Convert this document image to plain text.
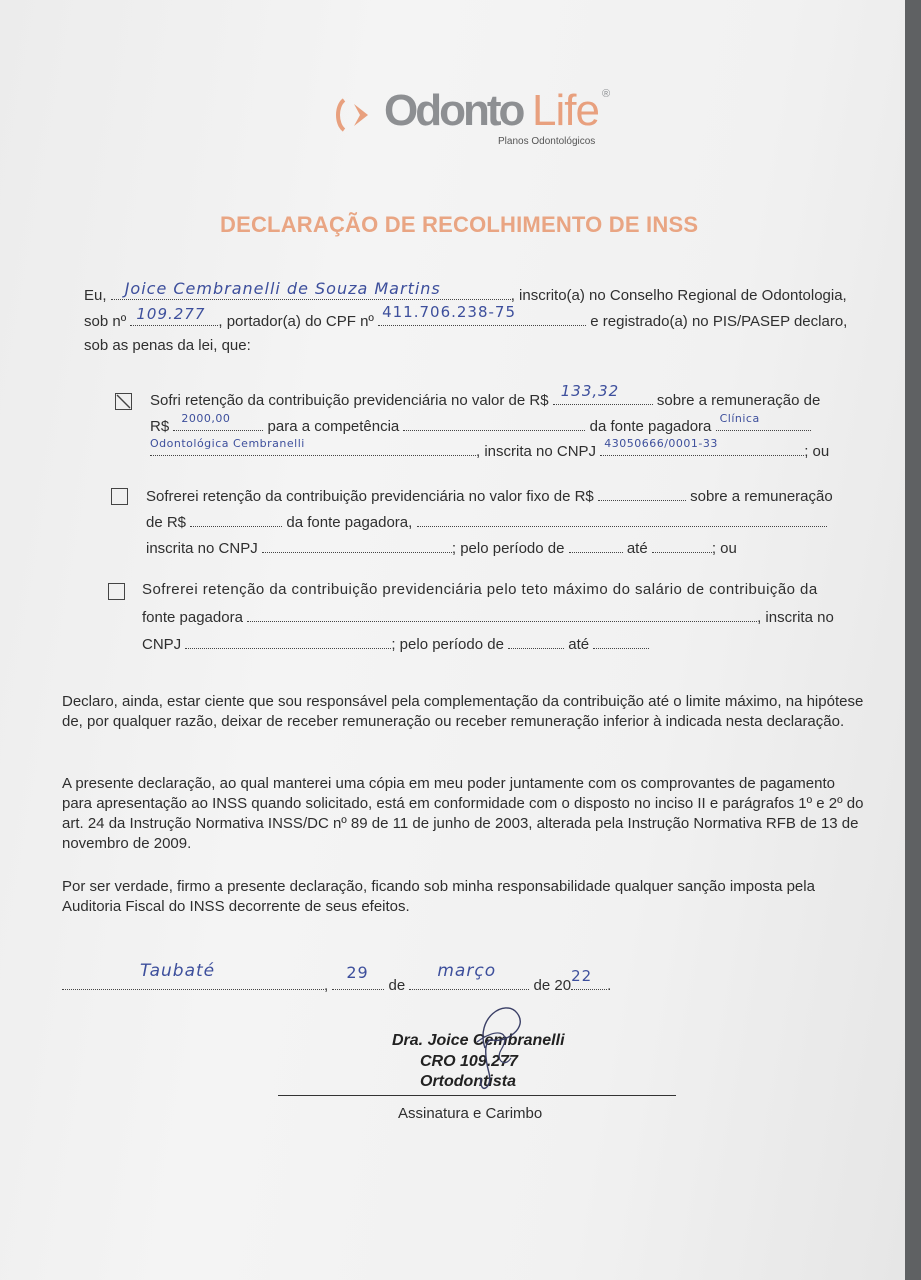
Odonto Life ®
Planos Odontológicos
DECLARAÇÃO DE RECOLHIMENTO DE INSS
Eu, Joice Cembranelli de Souza Martins	, inscrito(a) no Conselho Regional de Odontologia,
sob nº 109.277 , portador(a) do CPF nº
411.706.238-75
e registrado(a) no PIS/PASEP declaro,
sob as penas da lei, que:
Sofri retenção da contribuição previdenciária no valor de R$
133,32
sobre a remuneração de
R$ 2000,00 para a competência	da fonte pagadora Clínica
Odontológica Cembranelli	, inscrita no CNPJ 43050666/0001-33	; ou
Sofrerei retenção da contribuição previdenciária no valor fixo de R$	sobre a remuneração
de R$	da fonte pagadora,
inscrita no CNPJ	; pelo período de	até	; ou
Sofrerei retenção da contribuição previdenciária pelo teto máximo do salário de contribuição da
fonte pagadora	, inscrita no
CNPJ	; pelo período de	até
Declaro, ainda, estar ciente que sou responsável pela complementação da contribuição até o limite máximo, na hipótese de, por qualquer razão, deixar de receber remuneração ou receber remuneração inferior à indicada nesta declaração.
A presente declaração, ao qual manterei uma cópia em meu poder juntamente com os comprovantes de pagamento para apresentação ao INSS quando solicitado, está em conformidade com o disposto no inciso II e parágrafos 1º e 2º do art. 24 da Instrução Normativa INSS/DC nº 89 de 11 de junho de 2003, alterada pela Instrução Normativa RFB de 13 de novembro de 2009.
Por ser verdade, firmo a presente declaração, ficando sob minha responsabilidade qualquer sanção imposta pela Auditoria Fiscal do INSS decorrente de seus efeitos.
Taubaté
,
29
de
março
de 20
22
.
Dra. Joice Cembranelli
CRO 109.277
Ortodontista
Assinatura e Carimbo
